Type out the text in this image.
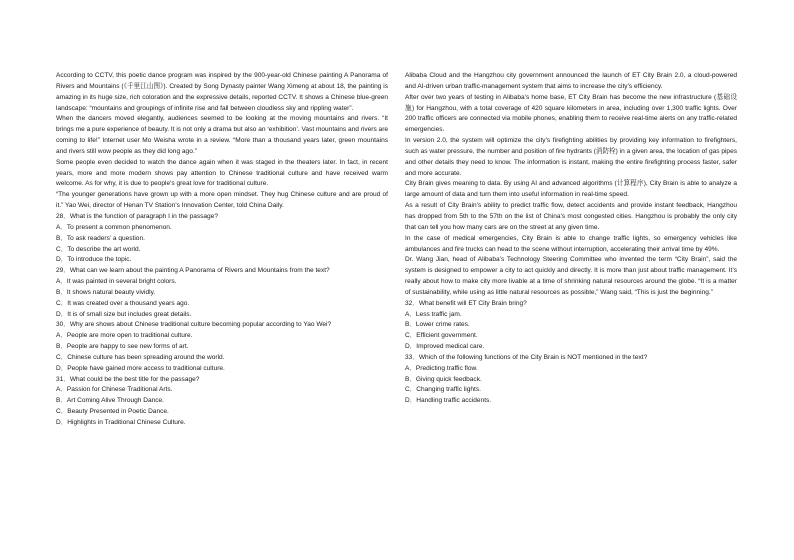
According to CCTV, this poetic dance program was inspired by the 900-year-old Chinese painting A Panorama of Rivers and Mountains (《千里江山图》). Created by Song Dynasty painter Wang Ximeng at about 18, the painting is amazing in its huge size, rich coloration and the expressive details, reported CCTV. It shows a Chinese blue-green landscape: “mountains and groupings of infinite rise and fall between cloudless sky and rippling water”.

When the dancers moved elegantly, audiences seemed to be looking at the moving mountains and rivers. “It brings me a pure experience of beauty. It is not only a drama but also an ‘exhibition’. Vast mountains and rivers are coming to life!” Internet user Mo Weisha wrote in a review. “More than a thousand years later, green mountains and rivers still wow people as they did long ago.”

Some people even decided to watch the dance again when it was staged in the theaters later. In fact, in recent years, more and more modern shows pay attention to Chinese traditional culture and have received warm welcome. As for why, it is due to people's great love for traditional culture.

“The younger generations have grown up with a more open mindset. They hug Chinese culture and are proud of it.” Yao Wei, director of Henan TV Station’s Innovation Center, told China Daily.

28．What is the function of paragraph I in the passage?

A．To present a common phenomenon.

B．To ask readers’ a question.

C．To describe the art world.

D．To introduce the topic.

29．What can we learn about the painting A Panorama of Rivers and Mountains from the text?

A．It was painted in several bright colors.

B．It shows natural beauty vividly.

C．It was created over a thousand years ago.

D．It is of small size but includes great details.

30．Why are shows about Chinese traditional culture becoming popular according to Yao Wei?

A．People are more open to traditional culture.

B．People are happy to see new forms of art.

C．Chinese culture has been spreading around the world.

D．People have gained more access to traditional culture.

31．What could be the best title for the passage?

A．Passion for Chinese Traditional Arts.

B．Art Coming Alive Through Dance.

C．Beauty Presented in Poetic Dance.

D．Highlights in Traditional Chinese Culture.

Alibaba Cloud and the Hangzhou city government announced the launch of ET City Brain 2.0, a cloud-powered and AI-driven urban traffic-management system that aims to increase the city’s efficiency.

After over two years of testing in Alibaba’s home base, ET City Brain has become the new infrastructure (基础设施) for Hangzhou, with a total coverage of 420 square kilometers in area, including over 1,300 traffic lights. Over 200 traffic officers are connected via mobile phones, enabling them to receive real-time alerts on any traffic-related emergencies.

In version 2.0, the system will optimize the city’s firefighting abilities by providing key information to firefighters, such as water pressure, the number and position of fire hydrants (消防栓) in a given area, the location of gas pipes and other details they need to know. The information is instant, making the entire firefighting process faster, safer and more accurate.

City Brain gives meaning to data. By using AI and advanced algorithms (计算程序), City Brain is able to analyze a large amount of data and turn them into useful information in real-time speed.

As a result of City Brain’s ability to predict traffic flow, detect accidents and provide instant feedback, Hangzhou has dropped from 5th to the 57th on the list of China’s most congested cities. Hangzhou is probably the only city that can tell you how many cars are on the street at any given time.

In the case of medical emergencies, City Brain is able to change traffic lights, so emergency vehicles like ambulances and fire trucks can head to the scene without interruption, accelerating their arrival time by 49%.

Dr. Wang Jian, head of Alibaba’s Technology Steering Committee who invented the term “City Brain”, said the system is designed to empower a city to act quickly and directly. It is more than just about traffic management. It’s really about how to make city more livable at a time of shrinking natural resources around the globe. “It is a matter of sustainability, while using as little natural resources as possible,” Wang said, “This is just the beginning.”

32．What benefit will ET City Brain bring?

A．Less traffic jam.

B．Lower crime rates.

C．Efficient government.

D．Improved medical care.

33．Which of the following functions of the City Brain is NOT mentioned in the text?

A．Predicting traffic flow.

B．Giving quick feedback.

C．Changing traffic lights.

D．Handling traffic accidents.
